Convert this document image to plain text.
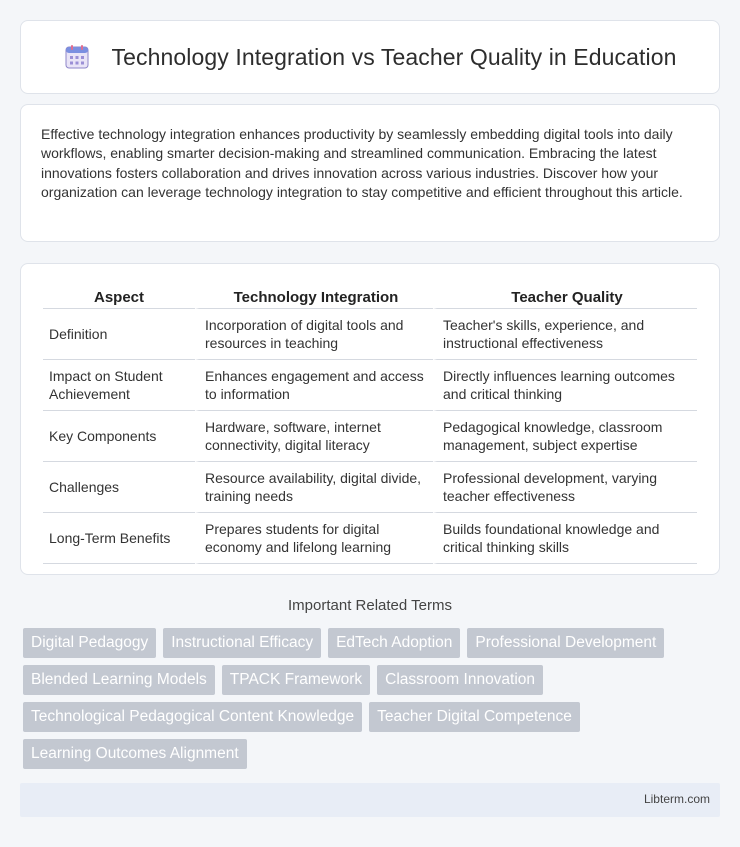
Technology Integration vs Teacher Quality in Education

Effective technology integration enhances productivity by seamlessly embedding digital tools into daily workflows, enabling smarter decision-making and streamlined communication. Embracing the latest innovations fosters collaboration and drives innovation across various industries. Discover how your organization can leverage technology integration to stay competitive and efficient throughout this article.

Aspect	Technology Integration	Teacher Quality
Definition	Incorporation of digital tools and resources in teaching	Teacher's skills, experience, and instructional effectiveness
Impact on Student Achievement	Enhances engagement and access to information	Directly influences learning outcomes and critical thinking
Key Components	Hardware, software, internet connectivity, digital literacy	Pedagogical knowledge, classroom management, subject expertise
Challenges	Resource availability, digital divide, training needs	Professional development, varying teacher effectiveness
Long-Term Benefits	Prepares students for digital economy and lifelong learning	Builds foundational knowledge and critical thinking skills
Important Related Terms
Digital Pedagogy	Instructional Efficacy	EdTech Adoption	Professional Development
Blended Learning Models	TPACK Framework	Classroom Innovation
Technological Pedagogical Content Knowledge	Teacher Digital Competence
Learning Outcomes Alignment
Libterm.com
